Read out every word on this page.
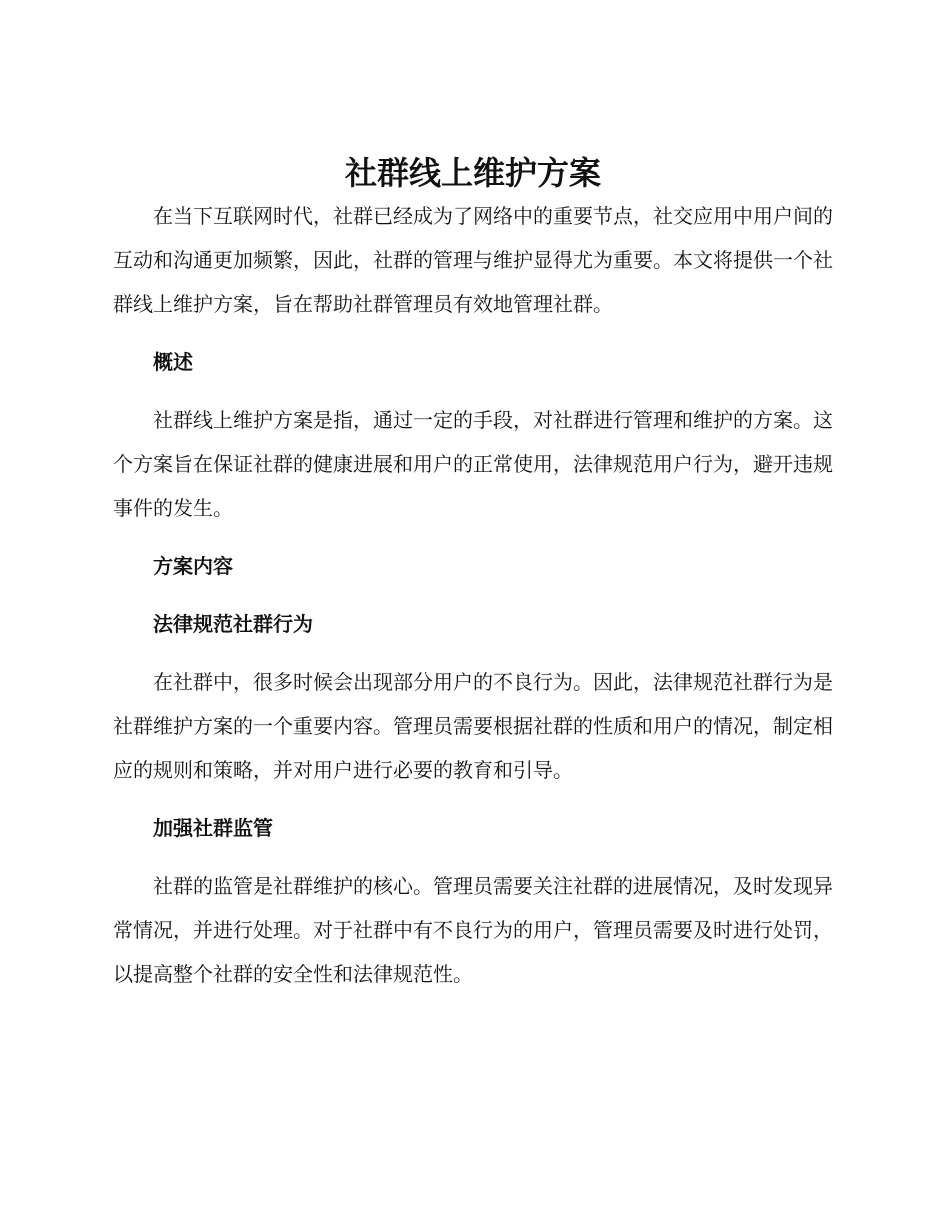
社群线上维护方案

在当下互联网时代，社群已经成为了网络中的重要节点，社交应用中用户间的互动和沟通更加频繁，因此，社群的管理与维护显得尤为重要。本文将提供一个社群线上维护方案，旨在帮助社群管理员有效地管理社群。

概述

社群线上维护方案是指，通过一定的手段，对社群进行管理和维护的方案。这个方案旨在保证社群的健康进展和用户的正常使用，法律规范用户行为，避开违规事件的发生。

方案内容
法律规范社群行为

在社群中，很多时候会出现部分用户的不良行为。因此，法律规范社群行为是社群维护方案的一个重要内容。管理员需要根据社群的性质和用户的情况，制定相应的规则和策略，并对用户进行必要的教育和引导。

加强社群监管

社群的监管是社群维护的核心。管理员需要关注社群的进展情况，及时发现异常情况，并进行处理。对于社群中有不良行为的用户，管理员需要及时进行处罚，以提高整个社群的安全性和法律规范性。
